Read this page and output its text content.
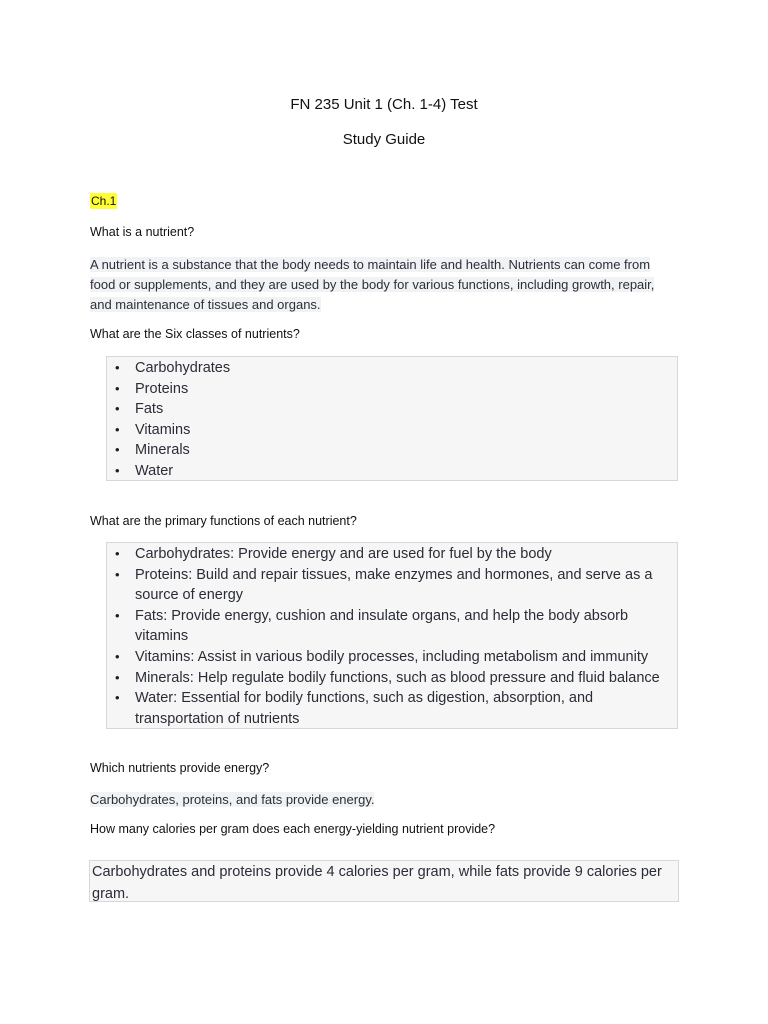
FN 235 Unit 1 (Ch. 1-4) Test
Study Guide
Ch.1
What is a nutrient?
A nutrient is a substance that the body needs to maintain life and health. Nutrients can come from food or supplements, and they are used by the body for various functions, including growth, repair, and maintenance of tissues and organs.
What are the Six classes of nutrients?
• Carbohydrates
• Proteins
• Fats
• Vitamins
• Minerals
• Water
What are the primary functions of each nutrient?
• Carbohydrates: Provide energy and are used for fuel by the body
• Proteins: Build and repair tissues, make enzymes and hormones, and serve as a source of energy
• Fats: Provide energy, cushion and insulate organs, and help the body absorb vitamins
• Vitamins: Assist in various bodily processes, including metabolism and immunity
• Minerals: Help regulate bodily functions, such as blood pressure and fluid balance
• Water: Essential for bodily functions, such as digestion, absorption, and transportation of nutrients
Which nutrients provide energy?
Carbohydrates, proteins, and fats provide energy.
How many calories per gram does each energy-yielding nutrient provide?
Carbohydrates and proteins provide 4 calories per gram, while fats provide 9 calories per gram.
